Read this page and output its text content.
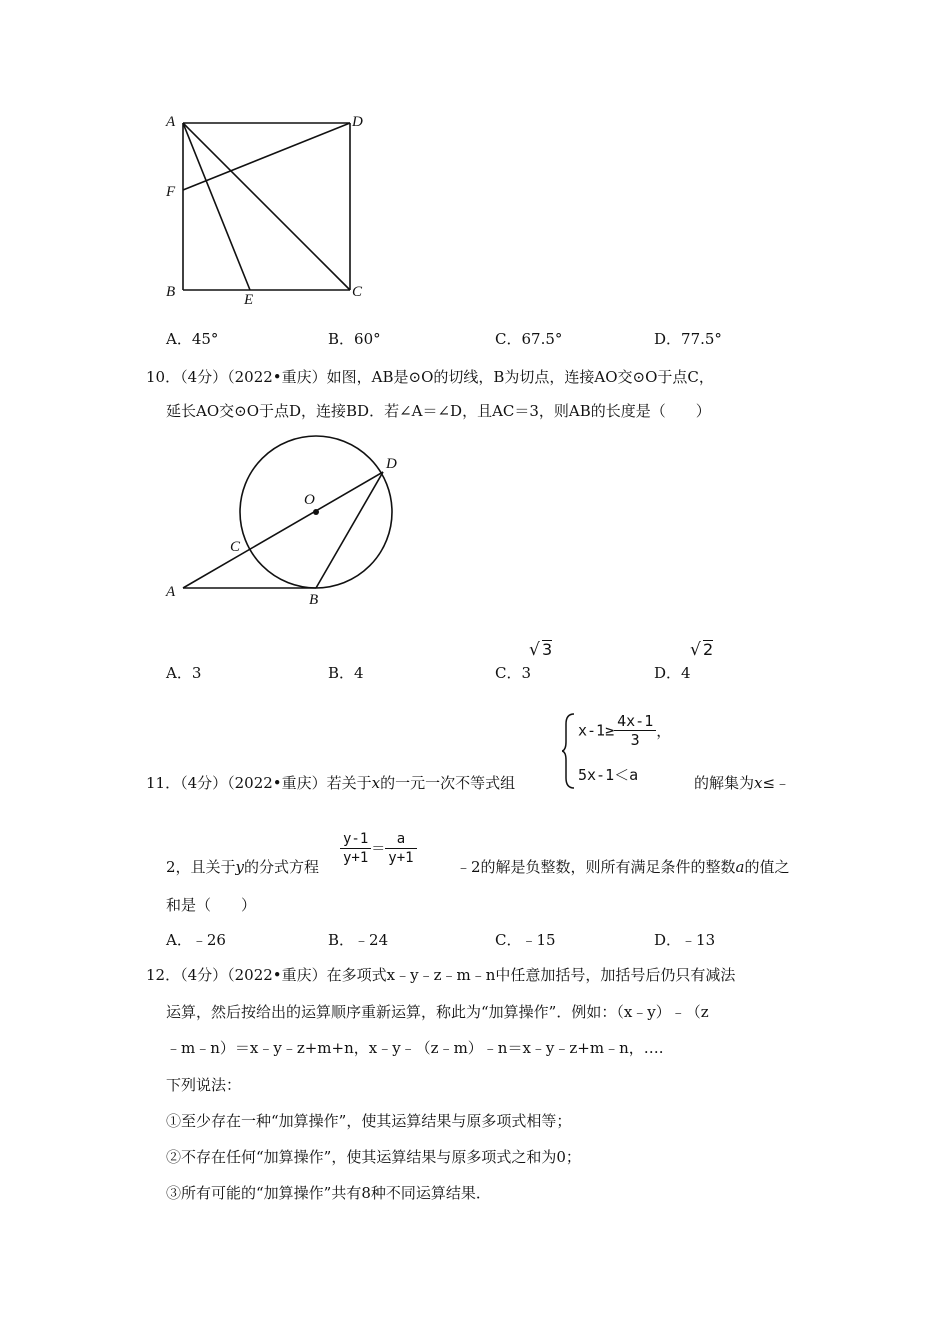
A	D
F
B	E	C
A．45°	B．60°	C．67.5°	D．77.5°
10．（4分）（2022•重庆）如图，AB是⊙O的切线，B为切点，连接AO交⊙O于点C，
延长AO交⊙O于点D，连接BD．若∠A＝∠D，且AC＝3，则AB的长度是（　　）
D
O
C
A	B
A．3	B．4	C．3
√ 3
D．4
√ 2
11．（4分）（2022•重庆）若关于x的一元一次不等式组
$x-1\ge \frac{4x-1}{3}$ ，
5x-1＜a	的解集为x≤﹣
2，且关于y的分式方程 $\frac{y-1}{y+1} = \frac{a}{y+1}$	﹣2的解是负整数，则所有满足条件的整数a的值之
和是（　　）
A．﹣26	B．﹣24	C．﹣15	D．﹣13
12．（4分）（2022•重庆）在多项式x﹣y﹣z﹣m﹣n中任意加括号，加括号后仍只有减法
运算，然后按给出的运算顺序重新运算，称此为“加算操作”．例如：（x﹣y）﹣（z
﹣m﹣n）＝x﹣y﹣z+m+n，x﹣y﹣（z﹣m）﹣n＝x﹣y﹣z+m﹣n，….
下列说法：
①至少存在一种“加算操作”，使其运算结果与原多项式相等；
②不存在任何“加算操作”，使其运算结果与原多项式之和为0；
③所有可能的“加算操作”共有8种不同运算结果．
